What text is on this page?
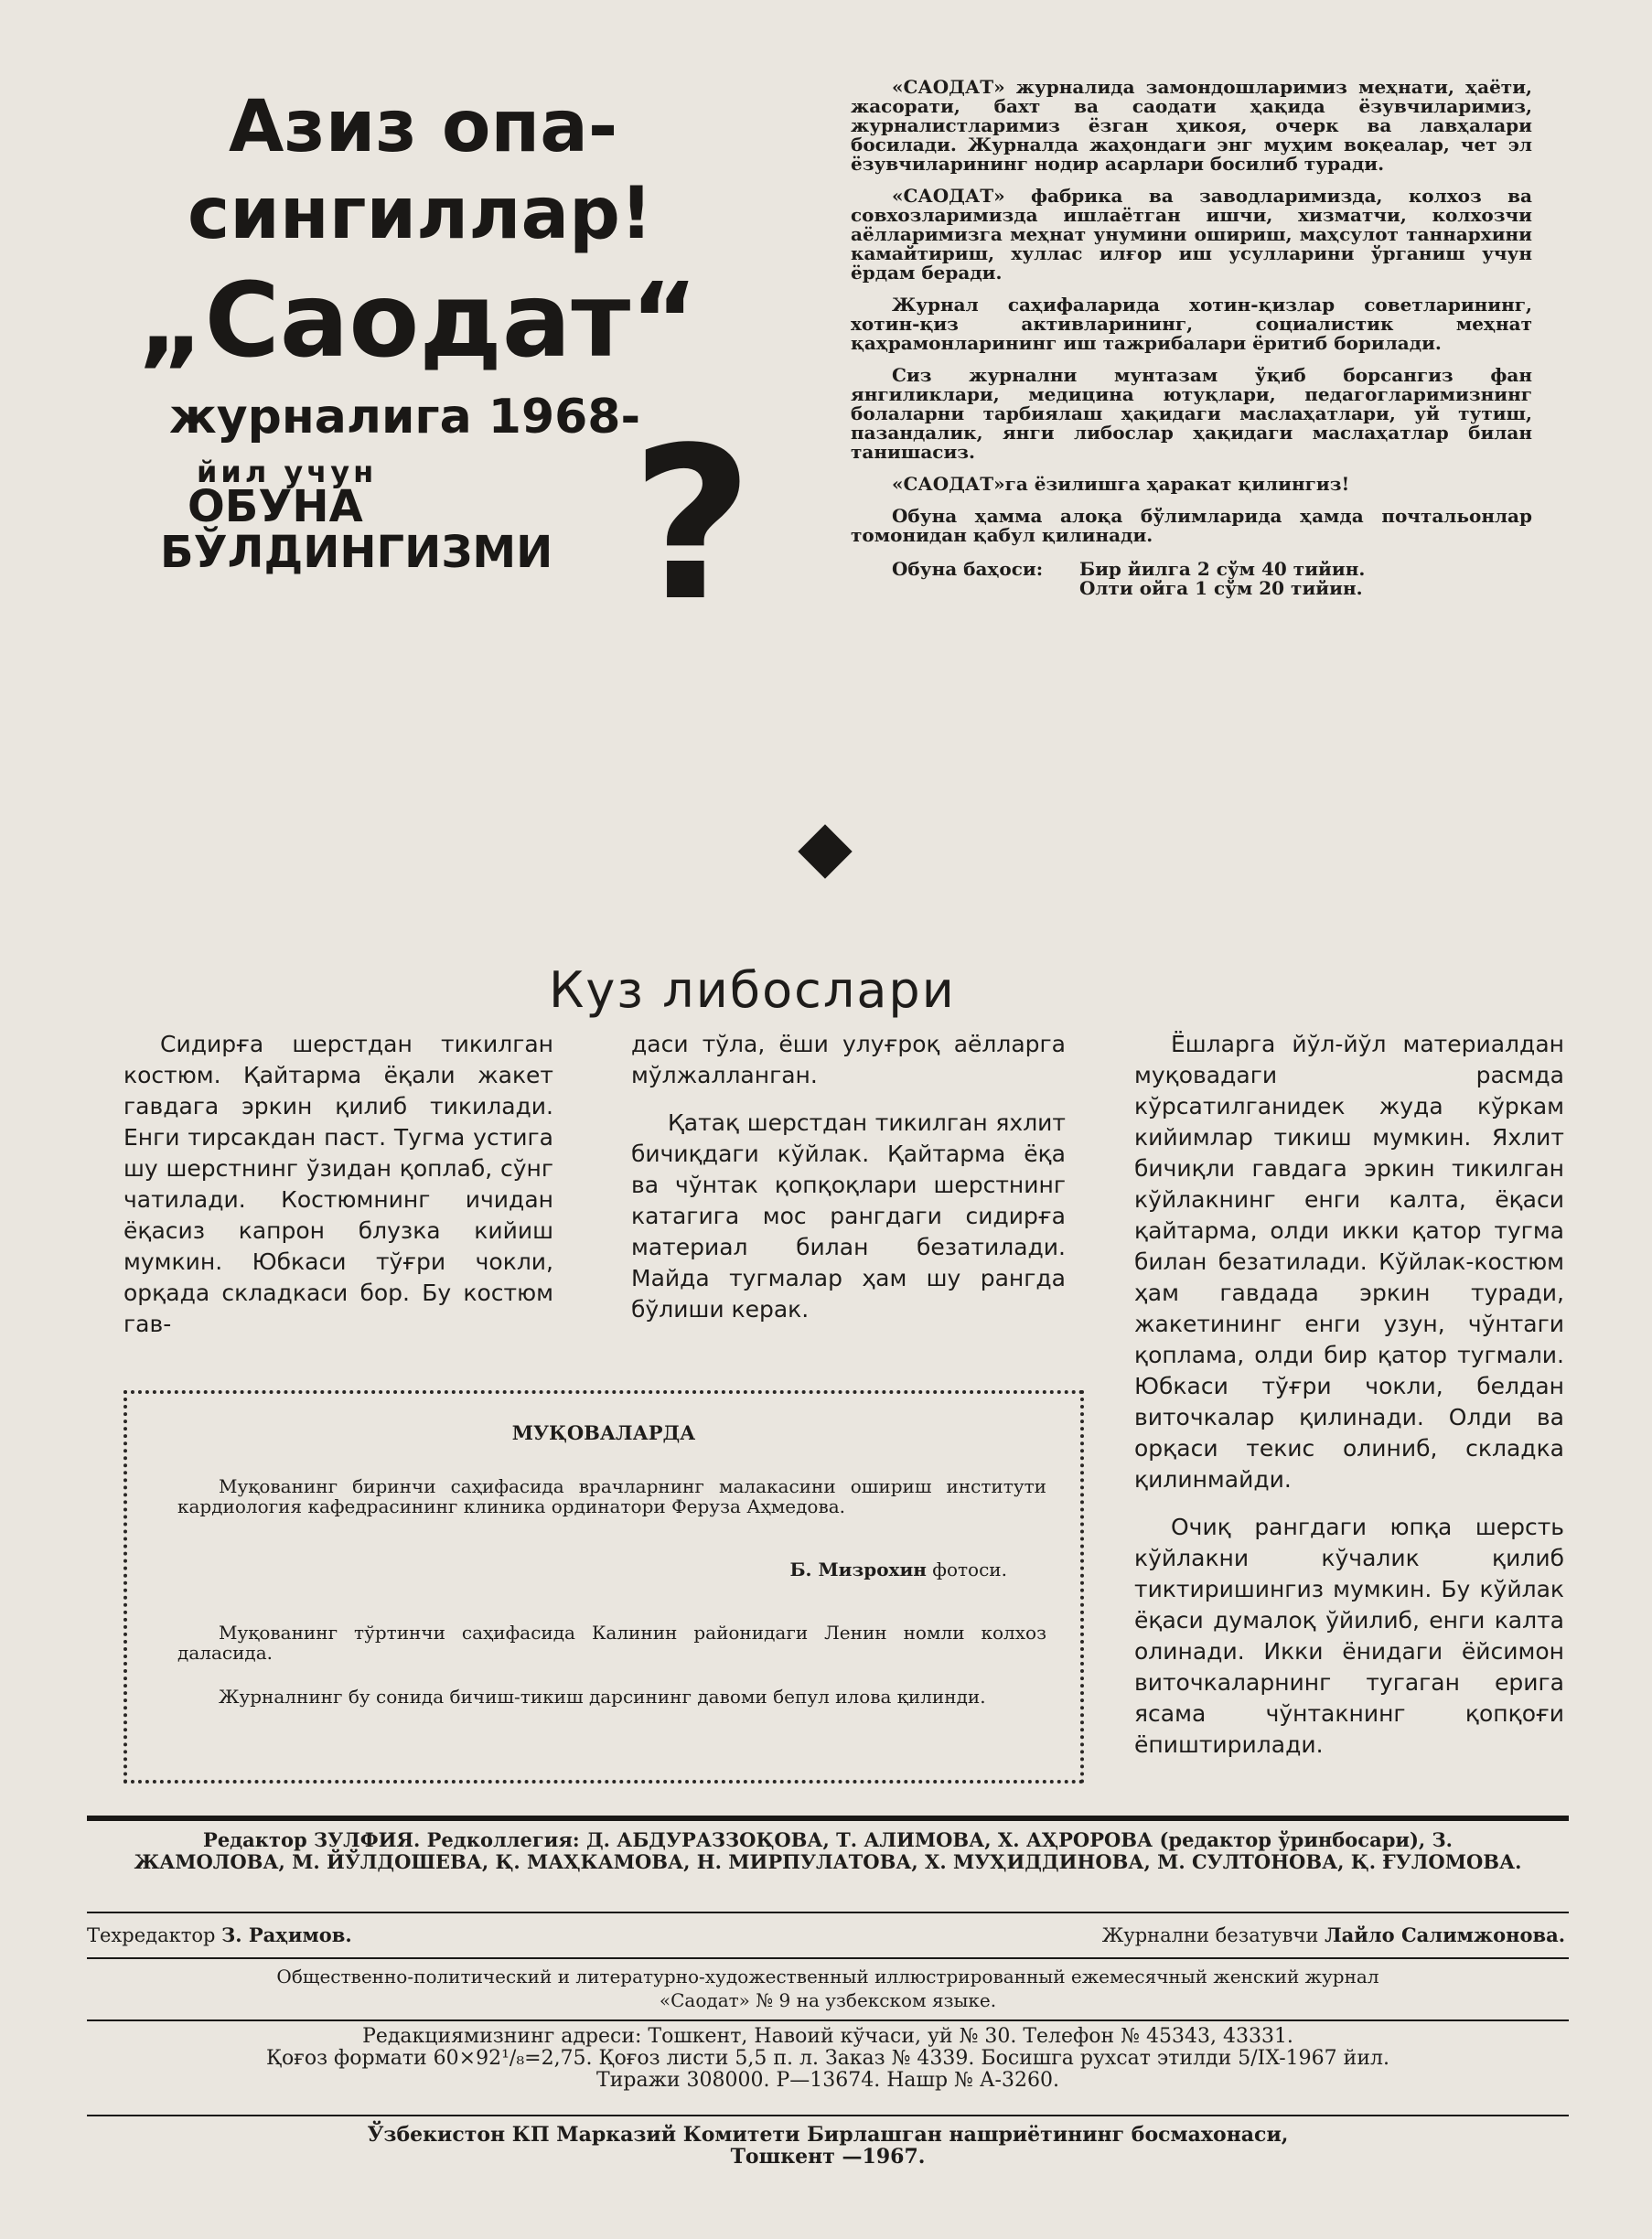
Азиз опа-
сингиллар!
„Саодат“
журналига 1968-
йил учун
ОБУНА
БЎЛДИНГИЗМИ ?

«САОДАТ» журналида замондошларимиз меҳнати, ҳаёти, жасорати, бахт ва саодати ҳақида ёзувчиларимиз, журналистларимиз ёзган ҳикоя, очерк ва лавҳалари босилади. Журналда жаҳондаги энг муҳим воқеалар, чет эл ёзувчиларининг нодир асарлари босилиб туради.

«САОДАТ» фабрика ва заводларимизда, колхоз ва совхозларимизда ишлаётган ишчи, хизматчи, колхозчи аёлларимизга меҳнат унумини ошириш, маҳсулот таннархини камайтириш, хуллас илғор иш усулларини ўрганиш учун ёрдам беради.

Журнал саҳифаларида хотин-қизлар советларининг, хотин-қиз активларининг, социалистик меҳнат қаҳрамонларининг иш тажрибалари ёритиб борилади.

Сиз журнални мунтазам ўқиб борсангиз фан янгиликлари, медицина ютуқлари, педагогларимизнинг болаларни тарбиялаш ҳақидаги маслаҳатлари, уй тутиш, пазандалик, янги либослар ҳақидаги маслаҳатлар билан танишасиз.

«САОДАТ»га ёзилишга ҳаракат қилингиз!

Обуна ҳамма алоқа бўлимларида ҳамда почтальонлар томонидан қабул қилинади.

Обуна баҳоси:	Бир йилга 2 сўм 40 тийин.
Олти ойга 1 сўм 20 тийин.
Куз либослари

Сидирға шерстдан тикилган костюм. Қайтарма ёқали жакет гавдага эркин қилиб тикилади. Енги тирсакдан паст. Тугма устига шу шерстнинг ўзидан қоплаб, сўнг чатилади. Костюмнинг ичидан ёқасиз капрон блузка кийиш мумкин. Юбкаси тўғри чокли, орқада складкаси бор. Бу костюм гав-

даси тўла, ёши улуғроқ аёлларга мўлжалланган.

Қатақ шерстдан тикилган яхлит бичиқдаги кўйлак. Қайтарма ёқа ва чўнтак қопқоқлари шерстнинг катагига мос рангдаги сидирға материал билан безатилади. Майда тугмалар ҳам шу рангда бўлиши керак.

Ёшларга йўл-йўл материалдан муқовадаги расмда кўрсатилганидек жуда кўркам кийимлар тикиш мумкин. Яхлит бичиқли гавдага эркин тикилган кўйлакнинг енги калта, ёқаси қайтарма, олди икки қатор тугма билан безатилади. Кўйлак-костюм ҳам гавдада эркин туради, жакетининг енги узун, чўнтаги қоплама, олди бир қатор тугмали. Юбкаси тўғри чокли, белдан виточкалар қилинади. Олди ва орқаси текис олиниб, складка қилинмайди.

Очиқ рангдаги юпқа шерсть кўйлакни кўчалик қилиб тиктиришингиз мумкин. Бу кўйлак ёқаси думалоқ ўйилиб, енги калта олинади. Икки ёнидаги ёйсимон виточкаларнинг тугаган ерига ясама чўнтакнинг қопқоғи ёпиштирилади.

МУҚОВАЛАРДА
Муқованинг биринчи саҳифасида врачларнинг малакасини ошириш институти кардиология кафедрасининг клиника ординатори Феруза Аҳмедова.
Б. Мизрохин фотоси.
Муқованинг тўртинчи саҳифасида Калинин районидаги Ленин номли колхоз даласида.
Журналнинг бу сонида бичиш-тикиш дарсининг давоми бепул илова қилинди.
Редактор ЗУЛФИЯ. Редколлегия: Д. АБДУРАЗЗОҚОВА, Т. АЛИМОВА, Х. АҲРОРОВА (редактор ўринбосари), З. ЖАМОЛОВА, М. ЙЎЛДОШЕВА, Қ. МАҲКАМОВА, Н. МИРПУЛАТОВА, Х. МУҲИДДИНОВА, М. СУЛТОНОВА, Қ. ҒУЛОМОВА.
Техредактор З. Раҳимов.	Журнални безатувчи Лайло Салимжонова.
Общественно-политический и литературно-художественный иллюстрированный ежемесячный женский журнал
«Саодат» № 9 на узбекском языке.
Редакциямизнинг адреси: Тошкент, Навоий кўчаси, уй № 30. Телефон № 45343, 43331.
Қоғоз формати 60×92¹/₈=2,75. Қоғоз листи 5,5 п. л. Заказ № 4339. Босишга рухсат этилди 5/IX-1967 йил.
Тиражи 308000. Р—13674. Нашр № А-3260.
Ўзбекистон КП Марказий Комитети Бирлашган нашриётининг босмахонаси,
Тошкент —1967.
